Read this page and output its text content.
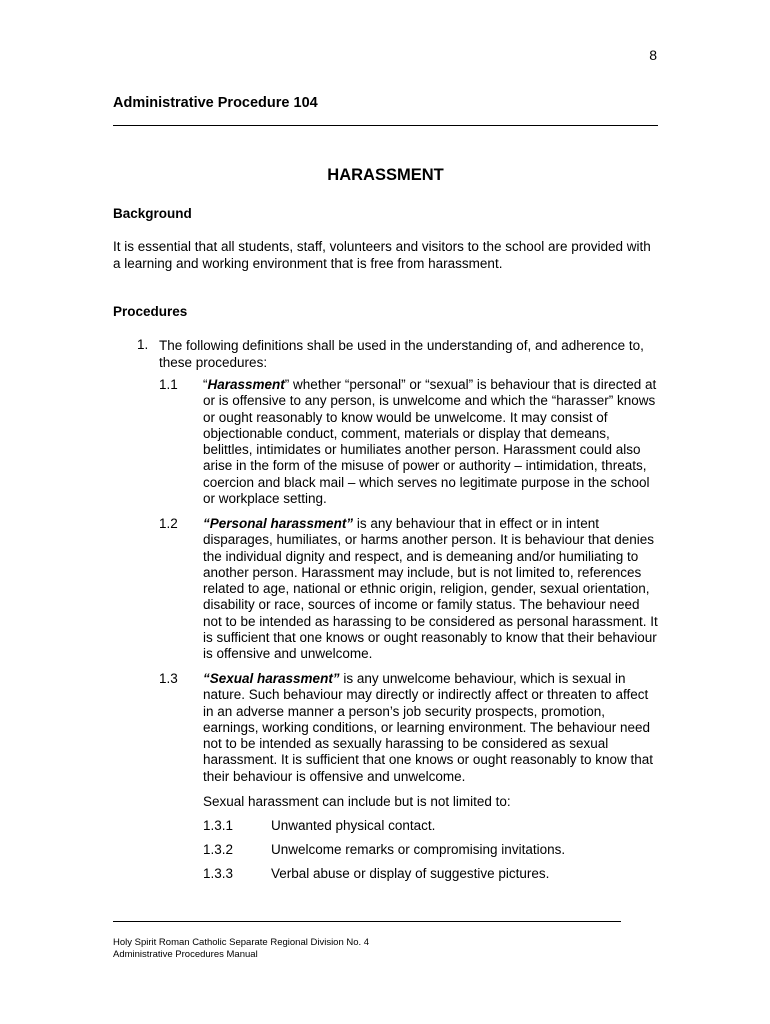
8
Administrative Procedure 104
HARASSMENT
Background

It is essential that all students, staff, volunteers and visitors to the school are provided with a learning and working environment that is free from harassment.

Procedures
1. The following definitions shall be used in the understanding of, and adherence to, these procedures:
1.1 “Harassment” whether “personal” or “sexual” is behaviour that is directed at or is offensive to any person, is unwelcome and which the “harasser” knows or ought reasonably to know would be unwelcome. It may consist of objectionable conduct, comment, materials or display that demeans, belittles, intimidates or humiliates another person. Harassment could also arise in the form of the misuse of power or authority – intimidation, threats, coercion and black mail – which serves no legitimate purpose in the school or workplace setting.
1.2 “Personal harassment” is any behaviour that in effect or in intent disparages, humiliates, or harms another person. It is behaviour that denies the individual dignity and respect, and is demeaning and/or humiliating to another person. Harassment may include, but is not limited to, references related to age, national or ethnic origin, religion, gender, sexual orientation, disability or race, sources of income or family status. The behaviour need not to be intended as harassing to be considered as personal harassment. It is sufficient that one knows or ought reasonably to know that their behaviour is offensive and unwelcome.
1.3 “Sexual harassment” is any unwelcome behaviour, which is sexual in nature. Such behaviour may directly or indirectly affect or threaten to affect in an adverse manner a person’s job security prospects, promotion, earnings, working conditions, or learning environment. The behaviour need not to be intended as sexually harassing to be considered as sexual harassment. It is sufficient that one knows or ought reasonably to know that their behaviour is offensive and unwelcome.
Sexual harassment can include but is not limited to:
1.3.1	Unwanted physical contact.
1.3.2	Unwelcome remarks or compromising invitations.
1.3.3	Verbal abuse or display of suggestive pictures.
Holy Spirit Roman Catholic Separate Regional Division No. 4
Administrative Procedures Manual
